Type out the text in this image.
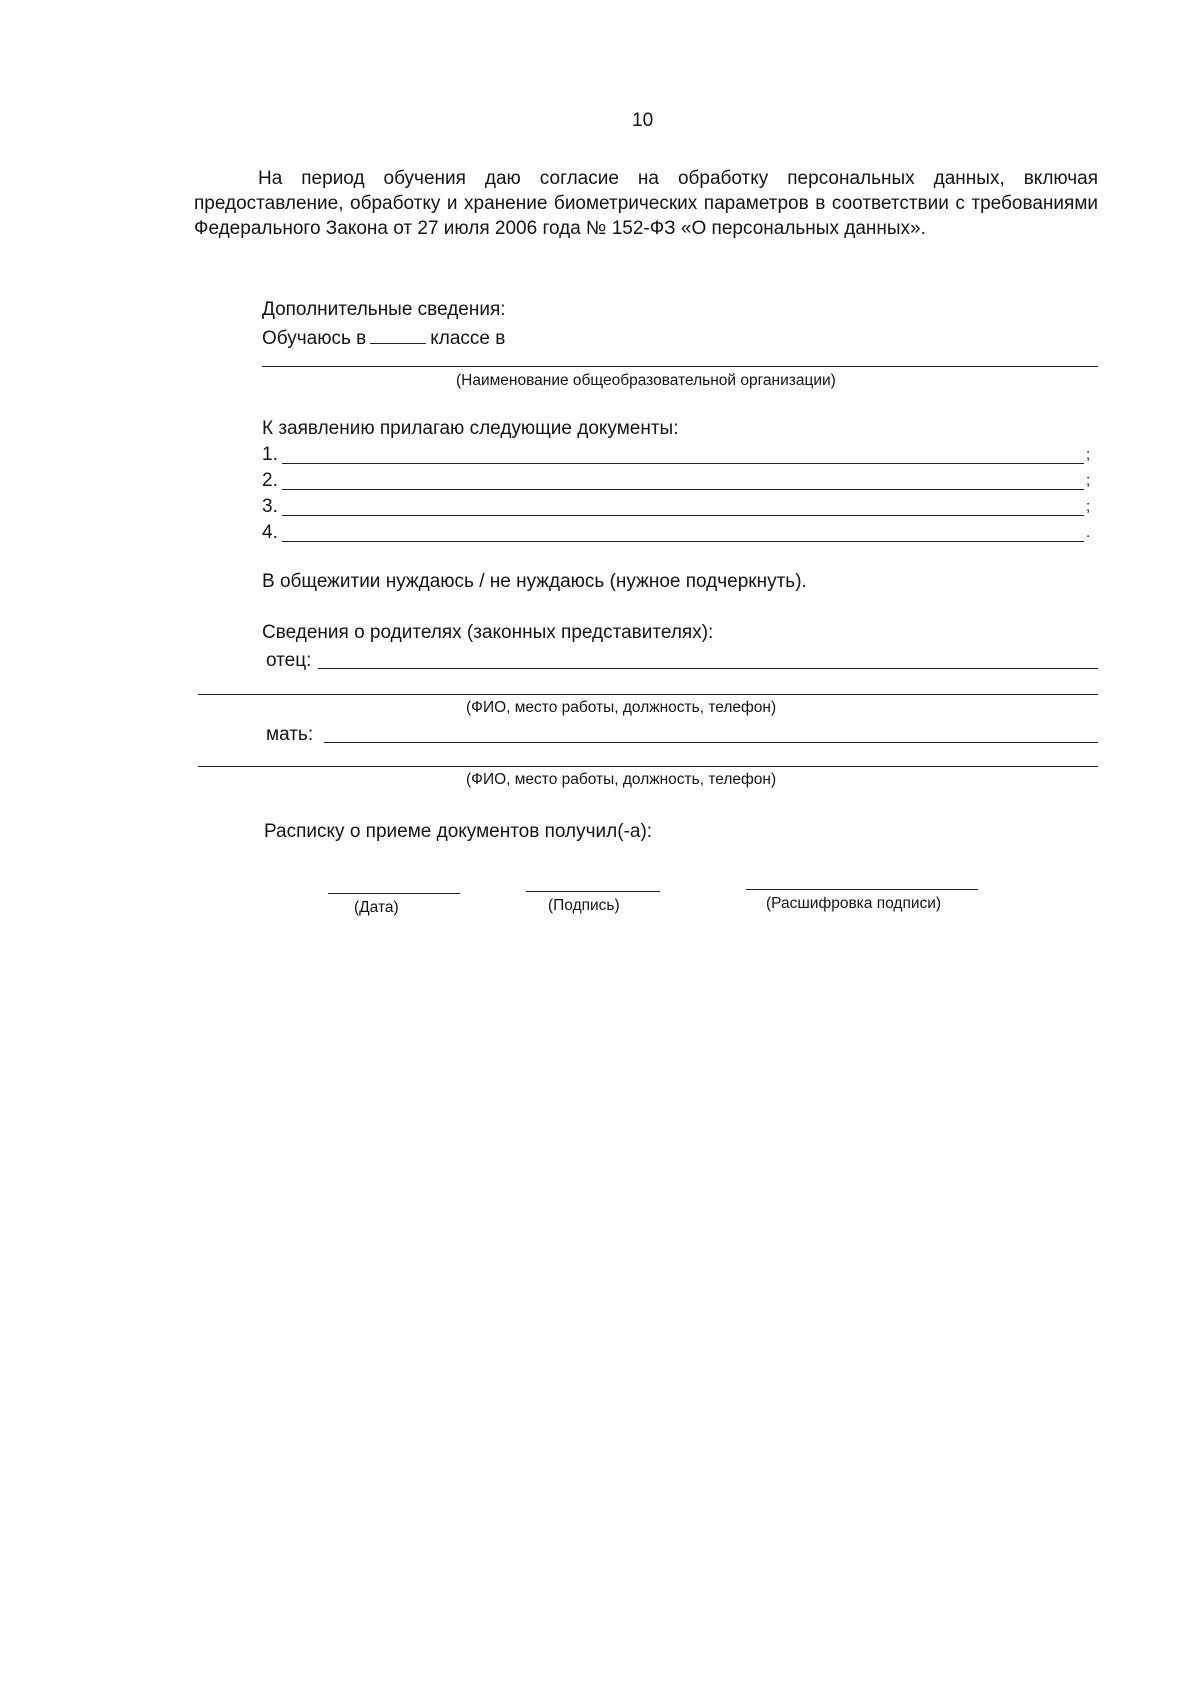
10
На период обучения даю согласие на обработку персональных данных, включая предоставление, обработку и хранение биометрических параметров в соответствии с требованиями Федерального Закона от 27 июля 2006 года № 152-ФЗ «О персональных данных».
Дополнительные сведения:
Обучаюсь в	классе в
(Наименование общеобразовательной организации)
К заявлению прилагаю следующие документы:
1.	;
2.	;
3.	;
4.	.
В общежитии нуждаюсь / не нуждаюсь (нужное подчеркнуть).
Сведения о родителях (законных представителях):
отец:
(ФИО, место работы, должность, телефон)
мать:
(ФИО, место работы, должность, телефон)
Расписку о приеме документов получил(-а):
(Дата)	(Подпись)	(Расшифровка подписи)
